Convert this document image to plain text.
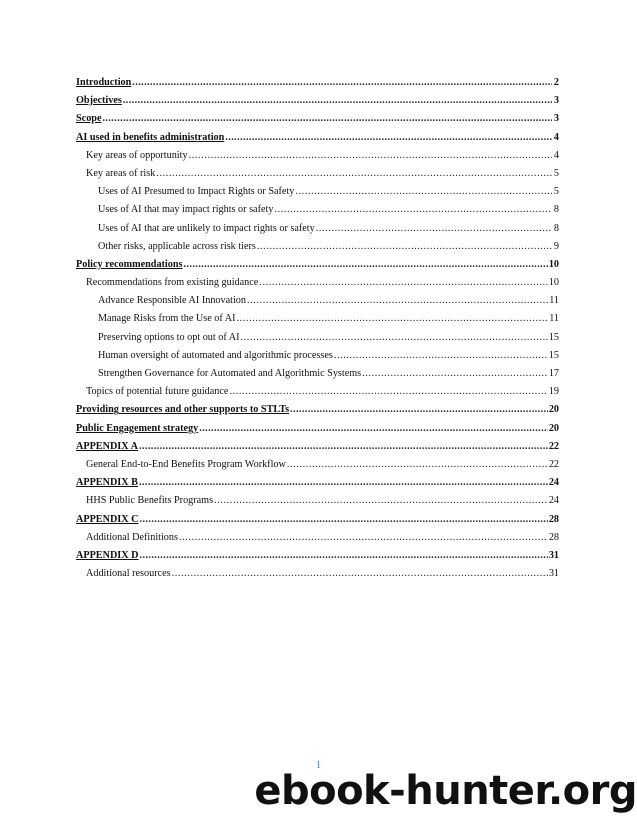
Introduction .....	2
Objectives .....	3
Scope .....	3
AI used in benefits administration .....	4
Key areas of opportunity .....	4
Key areas of risk .....	5
Uses of AI Presumed to Impact Rights or Safety .....	5
Uses of AI that may impact rights or safety .....	8
Uses of AI that are unlikely to impact rights or safety .....	8
Other risks, applicable across risk tiers .....	9
Policy recommendations .....	10
Recommendations from existing guidance .....	10
Advance Responsible AI Innovation .....	11
Manage Risks from the Use of AI .....	11
Preserving options to opt out of AI .....	15
Human oversight of automated and algorithmic processes .....	15
Strengthen Governance for Automated and Algorithmic Systems .....	17
Topics of potential future guidance .....	19
Providing resources and other supports to STLTs .....	20
Public Engagement strategy .....	20
APPENDIX A .....	22
General End-to-End Benefits Program Workflow .....	22
APPENDIX B .....	24
HHS Public Benefits Programs .....	24
APPENDIX C .....	28
Additional Definitions .....	28
APPENDIX D .....	31
Additional resources .....	31
1
ebook-hunter.org
